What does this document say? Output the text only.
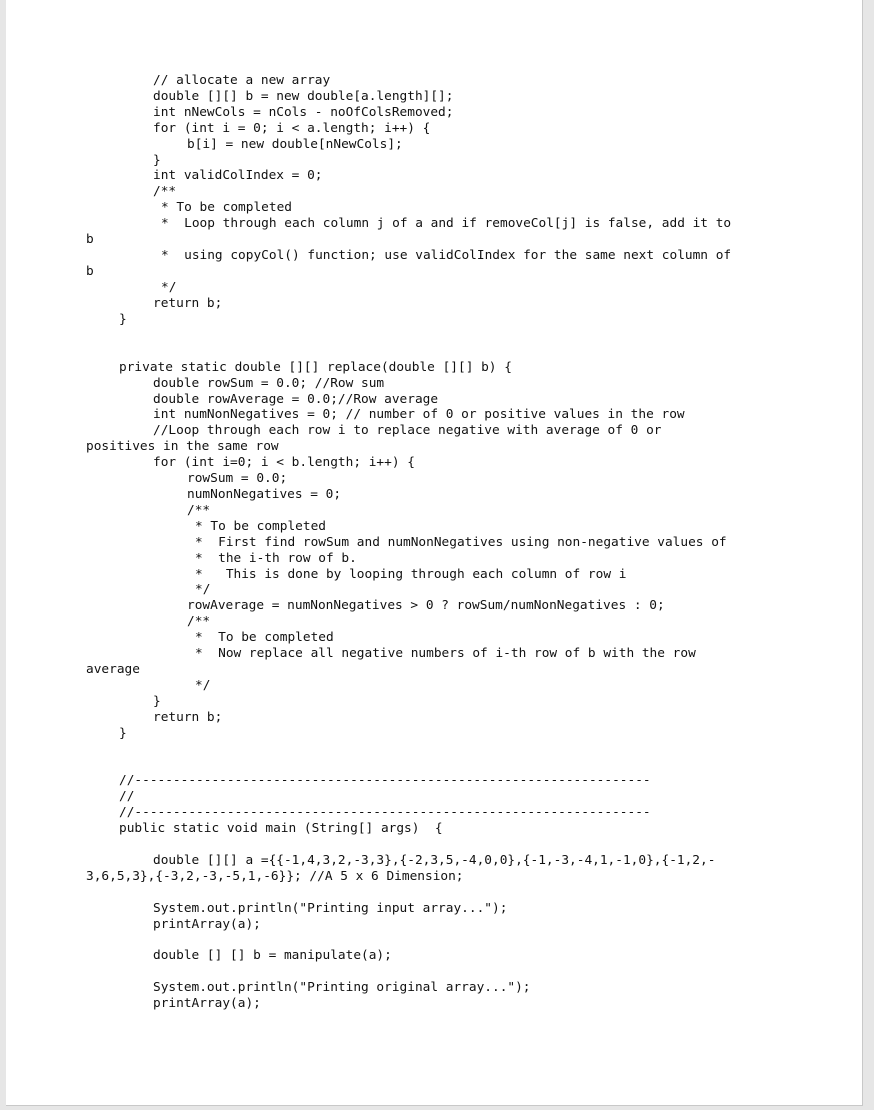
// allocate a new array
double [][] b = new double[a.length][];
int nNewCols = nCols - noOfColsRemoved;
for (int i = 0; i < a.length; i++) {
b[i] = new double[nNewCols];
}
int validColIndex = 0;
/**
* To be completed
*  Loop through each column j of a and if removeCol[j] is false, add it to
b
*  using copyCol() function; use validColIndex for the same next column of
b
*/
return b;
}
private static double [][] replace(double [][] b) {
double rowSum = 0.0; //Row sum
double rowAverage = 0.0;//Row average
int numNonNegatives = 0; // number of 0 or positive values in the row
//Loop through each row i to replace negative with average of 0 or
positives in the same row
for (int i=0; i < b.length; i++) {
rowSum = 0.0;
numNonNegatives = 0;
/**
* To be completed
*  First find rowSum and numNonNegatives using non-negative values of
*  the i-th row of b.
*   This is done by looping through each column of row i
*/
rowAverage = numNonNegatives > 0 ? rowSum/numNonNegatives : 0;
/**
*  To be completed
*  Now replace all negative numbers of i-th row of b with the row
average
*/
}
return b;
}
//-------------------------------------------------------------------
//
//-------------------------------------------------------------------
public static void main (String[] args)  {
double [][] a ={{-1,4,3,2,-3,3},{-2,3,5,-4,0,0},{-1,-3,-4,1,-1,0},{-1,2,-
3,6,5,3},{-3,2,-3,-5,1,-6}}; //A 5 x 6 Dimension;
System.out.println("Printing input array...");
printArray(a);
double [] [] b = manipulate(a);
System.out.println("Printing original array...");
printArray(a);
